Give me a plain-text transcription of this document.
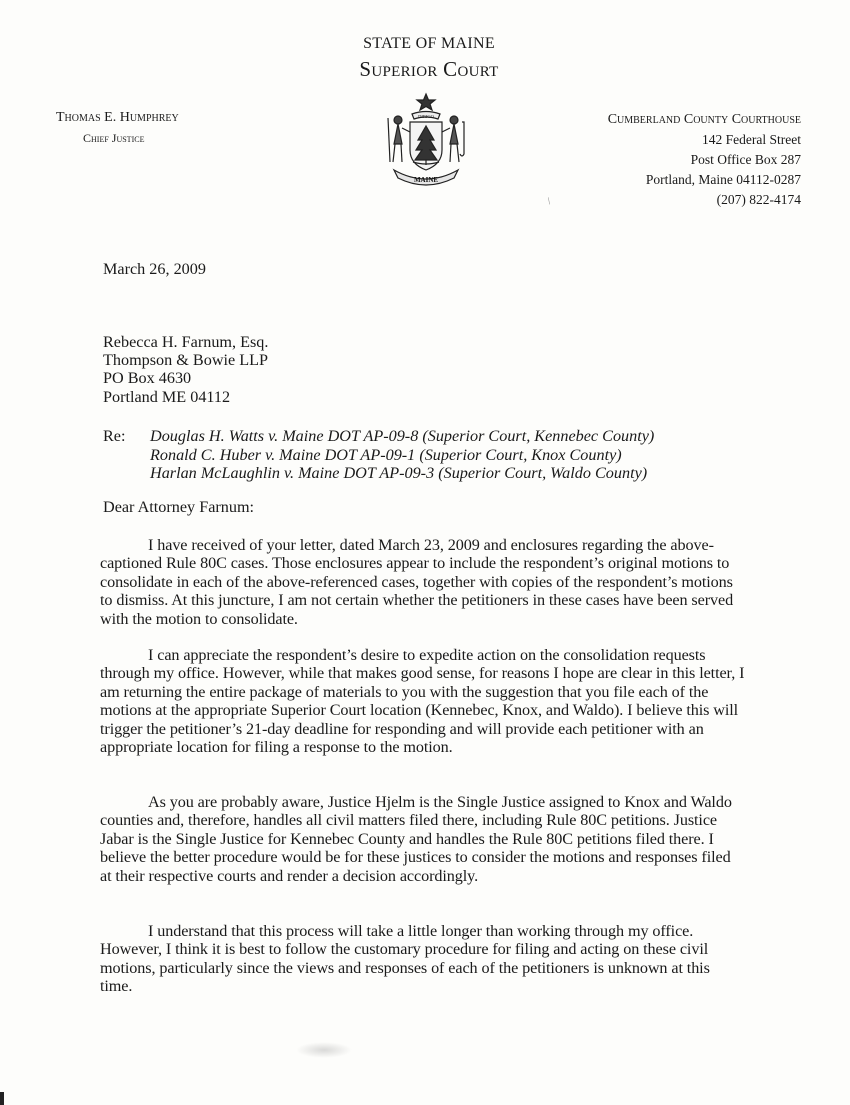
STATE OF MAINE
Superior Court
Thomas E. Humphrey
Chief Justice
DIRIGO
MAINE
/
Cumberland County Courthouse
142 Federal Street
Post Office Box 287
Portland, Maine 04112-0287
(207) 822-4174
March 26, 2009
Rebecca H. Farnum, Esq.
Thompson & Bowie LLP
PO Box 4630
Portland ME 04112
Re: Douglas H. Watts v. Maine DOT AP-09-8 (Superior Court, Kennebec County)
Ronald C. Huber v. Maine DOT AP-09-1 (Superior Court, Knox County)
Harlan McLaughlin v. Maine DOT AP-09-3 (Superior Court, Waldo County)
Dear Attorney Farnum:

I have received of your letter, dated March 23, 2009 and enclosures regarding the above-captioned Rule 80C cases. Those enclosures appear to include the respondent’s original motions to consolidate in each of the above-referenced cases, together with copies of the respondent’s motions to dismiss. At this juncture, I am not certain whether the petitioners in these cases have been served with the motion to consolidate.

I can appreciate the respondent’s desire to expedite action on the consolidation requests through my office. However, while that makes good sense, for reasons I hope are clear in this letter, I am returning the entire package of materials to you with the suggestion that you file each of the motions at the appropriate Superior Court location (Kennebec, Knox, and Waldo). I believe this will trigger the petitioner’s 21-day deadline for responding and will provide each petitioner with an appropriate location for filing a response to the motion.

As you are probably aware, Justice Hjelm is the Single Justice assigned to Knox and Waldo counties and, therefore, handles all civil matters filed there, including Rule 80C petitions. Justice Jabar is the Single Justice for Kennebec County and handles the Rule 80C petitions filed there. I believe the better procedure would be for these justices to consider the motions and responses filed at their respective courts and render a decision accordingly.

I understand that this process will take a little longer than working through my office. However, I think it is best to follow the customary procedure for filing and acting on these civil motions, particularly since the views and responses of each of the petitioners is unknown at this time.
